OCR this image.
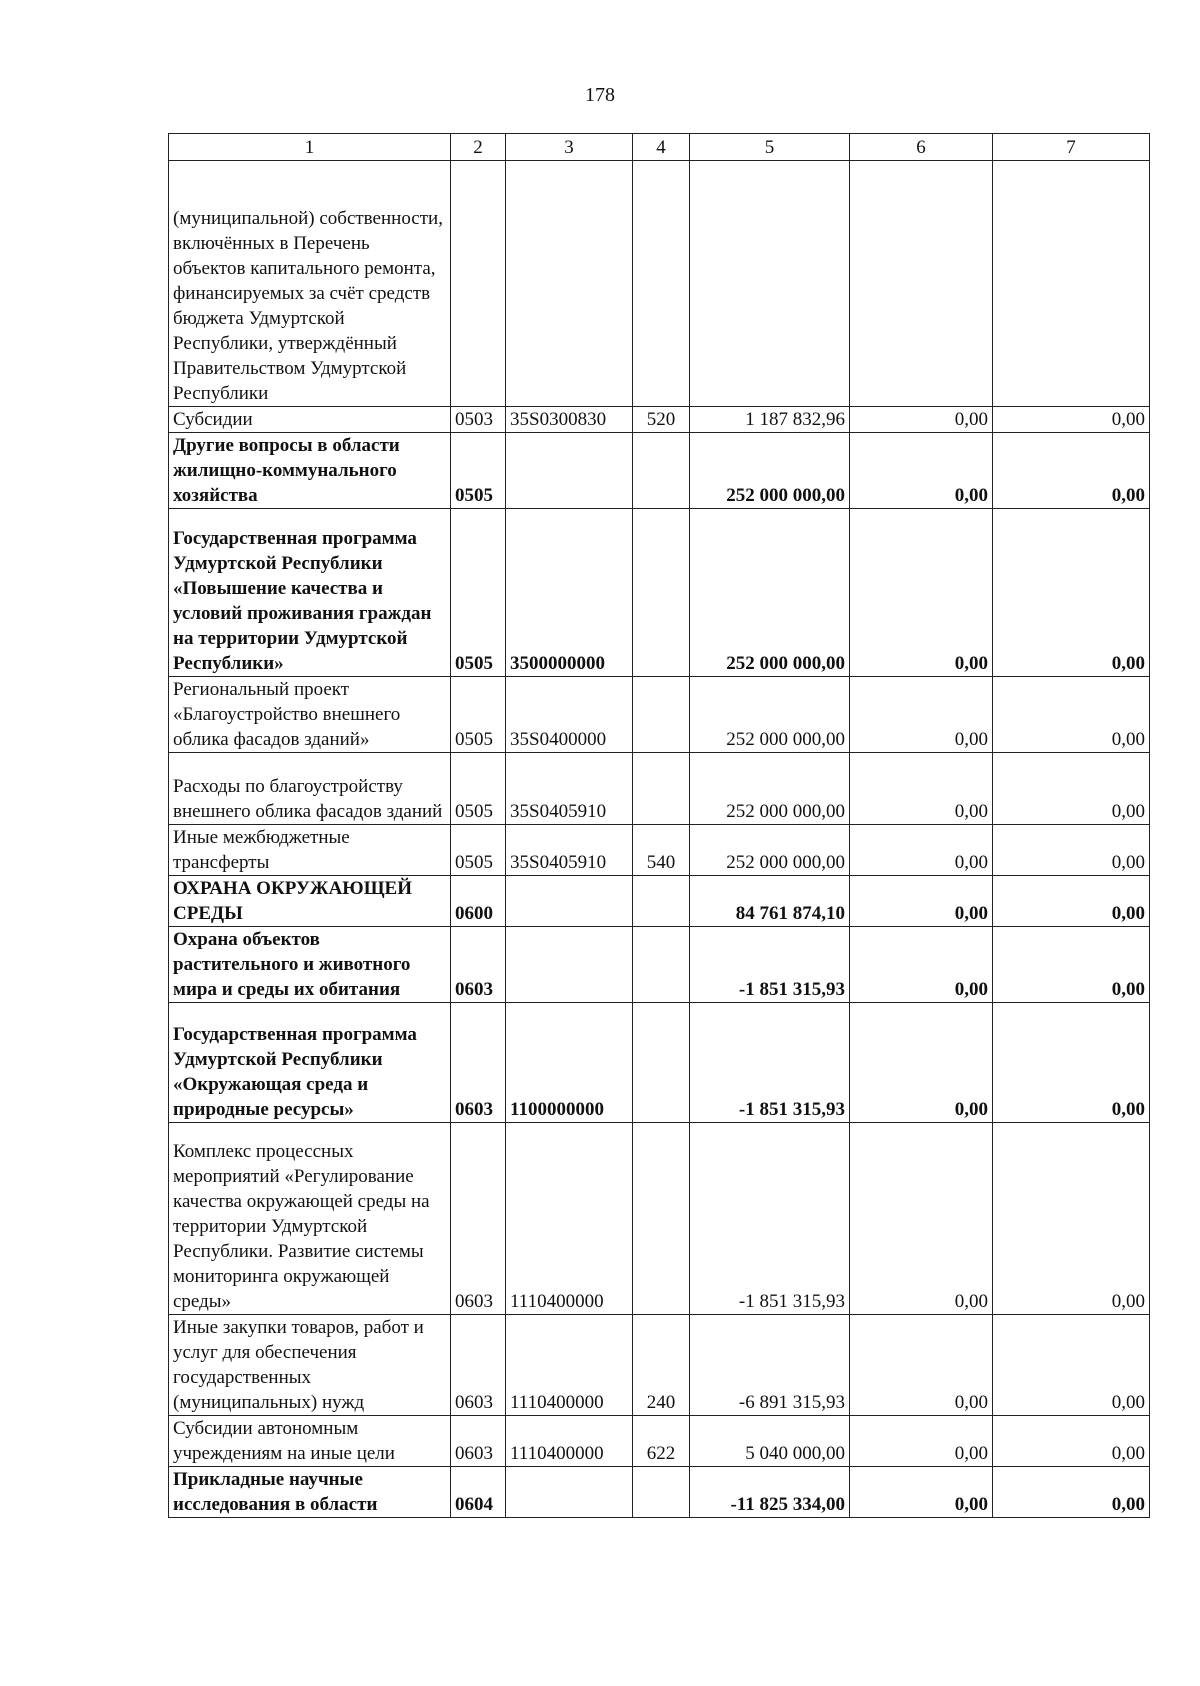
178
1	2	3	4	5	6	7
(муниципальной) собственности, включённых в Перечень объектов капитального ремонта, финансируемых за счёт средств бюджета Удмуртской Республики, утверждённый Правительством Удмуртской Республики						
Субсидии	0503	35S0300830	520	1 187 832,96	0,00	0,00
Другие вопросы в области жилищно-коммунального хозяйства	0505			252 000 000,00	0,00	0,00
Государственная программа Удмуртской Республики «Повышение качества и условий проживания граждан на территории Удмуртской Республики»	0505	3500000000		252 000 000,00	0,00	0,00
Региональный проект «Благоустройство внешнего облика фасадов зданий»	0505	35S0400000		252 000 000,00	0,00	0,00
Расходы по благоустройству внешнего облика фасадов зданий	0505	35S0405910		252 000 000,00	0,00	0,00
Иные межбюджетные трансферты	0505	35S0405910	540	252 000 000,00	0,00	0,00
ОХРАНА ОКРУЖАЮЩЕЙ СРЕДЫ	0600			84 761 874,10	0,00	0,00
Охрана объектов растительного и животного мира и среды их обитания	0603			-1 851 315,93	0,00	0,00
Государственная программа Удмуртской Республики «Окружающая среда и природные ресурсы»	0603	1100000000		-1 851 315,93	0,00	0,00
Комплекс процессных мероприятий «Регулирование качества окружающей среды на территории Удмуртской Республики. Развитие системы мониторинга окружающей среды»	0603	1110400000		-1 851 315,93	0,00	0,00
Иные закупки товаров, работ и услуг для обеспечения государственных (муниципальных) нужд	0603	1110400000	240	-6 891 315,93	0,00	0,00
Субсидии автономным учреждениям на иные цели	0603	1110400000	622	5 040 000,00	0,00	0,00
Прикладные научные исследования в области	0604			-11 825 334,00	0,00	0,00
